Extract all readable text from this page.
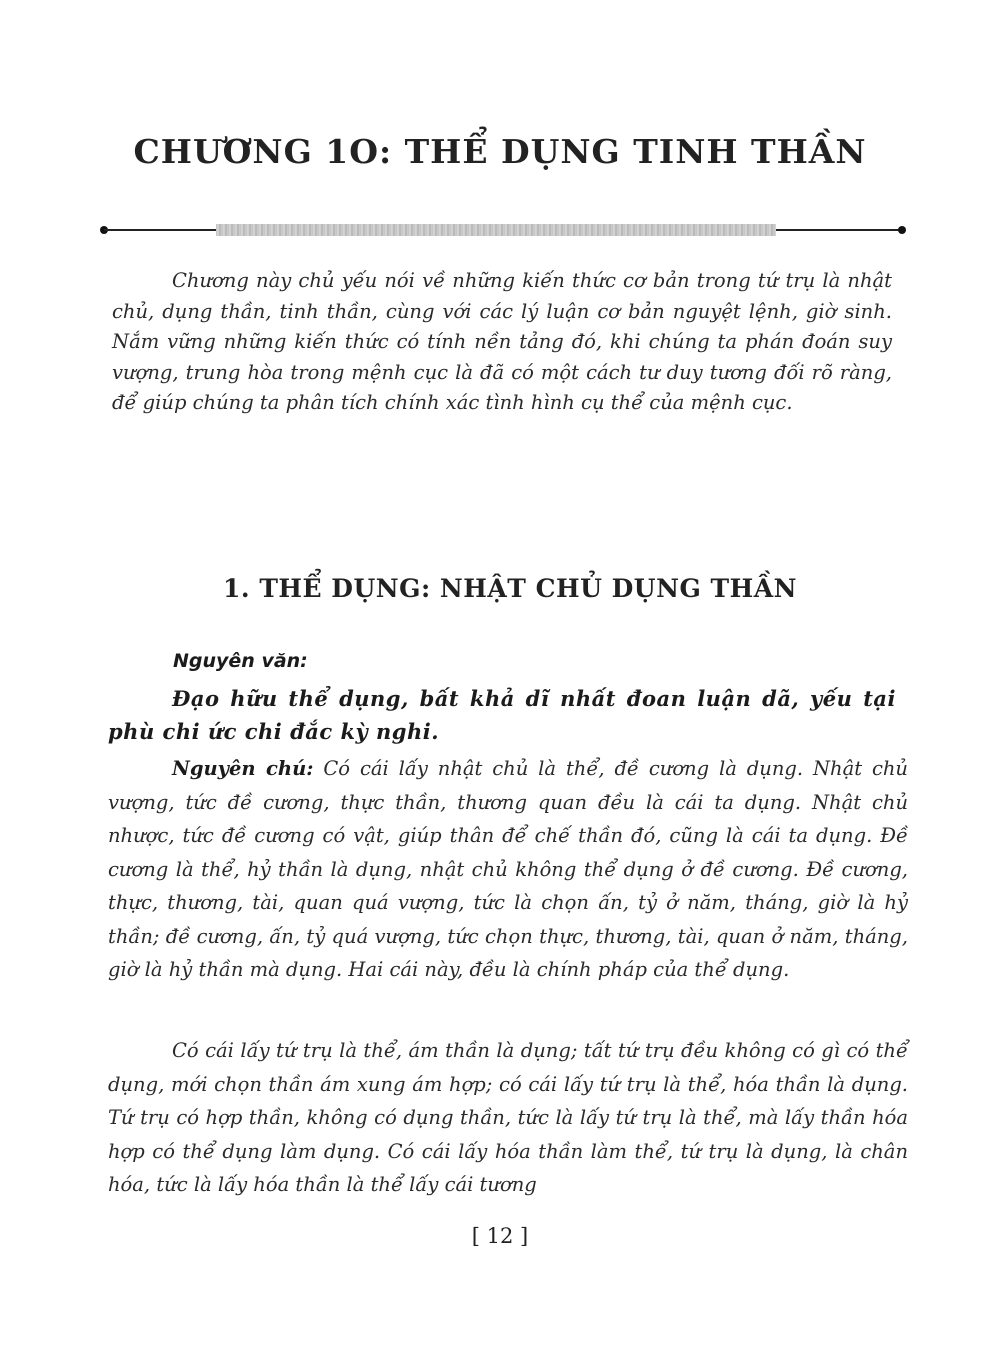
CHƯƠNG 1O: THỂ DỤNG TINH THẦN

Chương này chủ yếu nói về những kiến thức cơ bản trong tứ trụ là nhật chủ, dụng thần, tinh thần, cùng với các lý luận cơ bản nguyệt lệnh, giờ sinh. Nắm vững những kiến thức có tính nền tảng đó, khi chúng ta phán đoán suy vượng, trung hòa trong mệnh cục là đã có một cách tư duy tương đối rõ ràng, để giúp chúng ta phân tích chính xác tình hình cụ thể của mệnh cục.

1. THỂ DỤNG: NHẬT CHỦ DỤNG THẦN
Nguyên văn:

Đạo hữu thể dụng, bất khả dĩ nhất đoan luận dã, yếu tại phù chi ức chi đắc kỳ nghi.

Nguyên chú: Có cái lấy nhật chủ là thể, đề cương là dụng. Nhật chủ vượng, tức đề cương, thực thần, thương quan đều là cái ta dụng. Nhật chủ nhược, tức đề cương có vật, giúp thân để chế thần đó, cũng là cái ta dụng. Đề cương là thể, hỷ thần là dụng, nhật chủ không thể dụng ở đề cương. Đề cương, thực, thương, tài, quan quá vượng, tức là chọn ấn, tỷ ở năm, tháng, giờ là hỷ thần; đề cương, ấn, tỷ quá vượng, tức chọn thực, thương, tài, quan ở năm, tháng, giờ là hỷ thần mà dụng. Hai cái này, đều là chính pháp của thể dụng.

Có cái lấy tứ trụ là thể, ám thần là dụng; tất tứ trụ đều không có gì có thể dụng, mới chọn thần ám xung ám hợp; có cái lấy tứ trụ là thể, hóa thần là dụng. Tứ trụ có hợp thần, không có dụng thần, tức là lấy tứ trụ là thể, mà lấy thần hóa hợp có thể dụng làm dụng. Có cái lấy hóa thần làm thể, tứ trụ là dụng, là chân hóa, tức là lấy hóa thần là thể lấy cái tương

[ 12 ]
